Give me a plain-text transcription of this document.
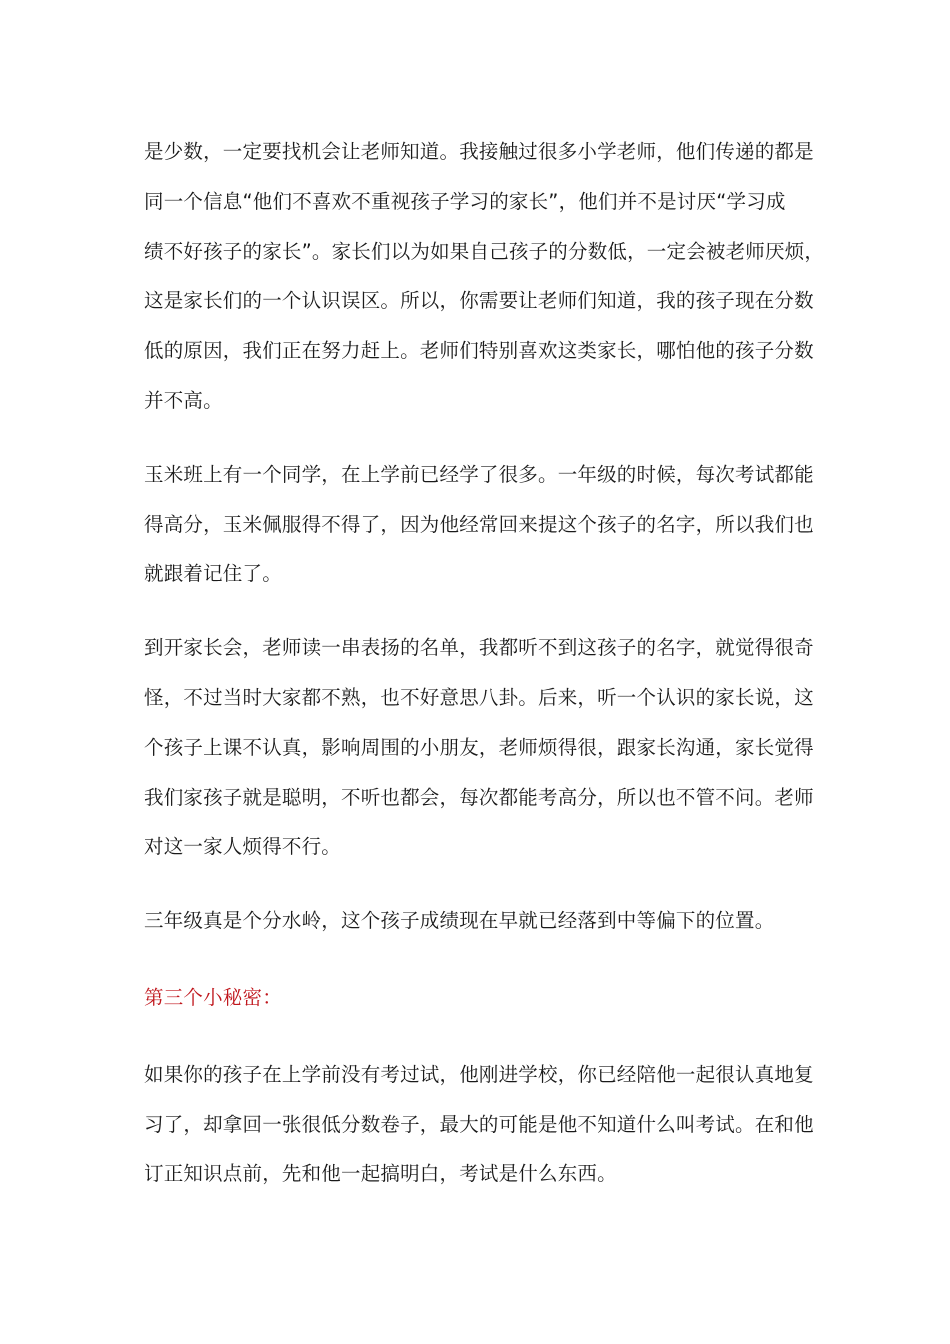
是少数，一定要找机会让老师知道。我接触过很多小学老师，他们传递的都是
同一个信息“他们不喜欢不重视孩子学习的家长”，他们并不是讨厌“学习成
绩不好孩子的家长”。家长们以为如果自己孩子的分数低，一定会被老师厌烦，
这是家长们的一个认识误区。所以，你需要让老师们知道，我的孩子现在分数
低的原因，我们正在努力赶上。老师们特别喜欢这类家长，哪怕他的孩子分数
并不高。

玉米班上有一个同学，在上学前已经学了很多。一年级的时候，每次考试都能
得高分，玉米佩服得不得了，因为他经常回来提这个孩子的名字，所以我们也
就跟着记住了。

到开家长会，老师读一串表扬的名单，我都听不到这孩子的名字，就觉得很奇
怪，不过当时大家都不熟，也不好意思八卦。后来，听一个认识的家长说，这
个孩子上课不认真，影响周围的小朋友，老师烦得很，跟家长沟通，家长觉得
我们家孩子就是聪明，不听也都会，每次都能考高分，所以也不管不问。老师
对这一家人烦得不行。

三年级真是个分水岭，这个孩子成绩现在早就已经落到中等偏下的位置。

第三个小秘密：

如果你的孩子在上学前没有考过试，他刚进学校，你已经陪他一起很认真地复
习了，却拿回一张很低分数卷子，最大的可能是他不知道什么叫考试。在和他
订正知识点前，先和他一起搞明白，考试是什么东西。
